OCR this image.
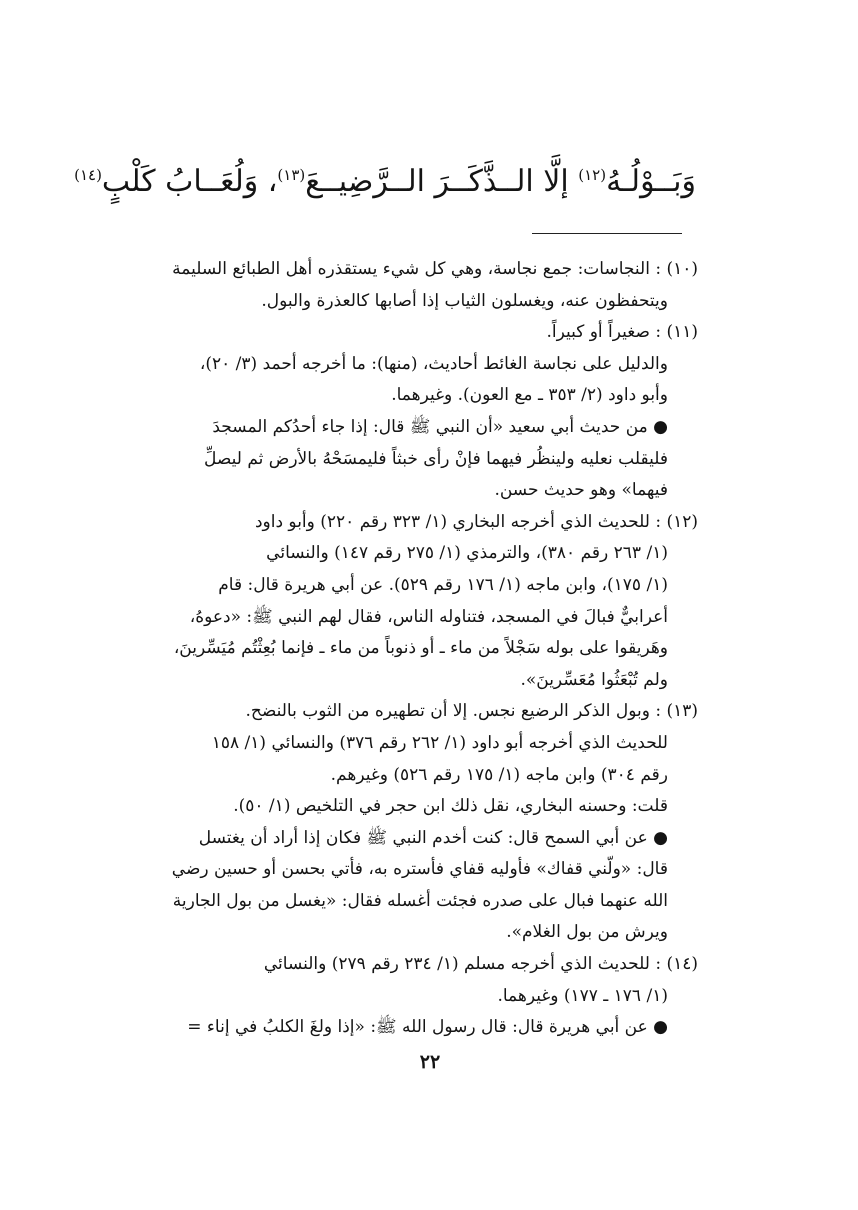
وَبَــوْلُـهُ$^{(١٢)}$ إلَّا الــذَّكَــرَ الــرَّضِيــعَ$^{(١٣)}$، وَلُعَــابُ كَلْبٍ$^{(١٤)}$

(١٠) : النجاسات: جمع نجاسة، وهي كل شيء يستقذره أهل الطبائع السليمة

ويتحفظون عنه، ويغسلون الثياب إذا أصابها كالعذرة والبول.

(١١) : صغيراً أو كبيراً.

والدليل على نجاسة الغائط أحاديث، (منها): ما أخرجه أحمد (٣/ ٢٠)،

وأبو داود (٢/ ٣٥٣ ـ مع العون). وغيرهما.

● من حديث أبي سعيد «أن النبي ﷺ قال: إذا جاء أحدُكم المسجدَ

فليقلب نعليه ولينظُر فيهما فإنْ رأى خبثاً فليمسَحْهُ بالأرض ثم ليصلِّ

فيهما» وهو حديث حسن.

(١٢) : للحديث الذي أخرجه البخاري (١/ ٣٢٣ رقم ٢٢٠) وأبو داود

(١/ ٢٦٣ رقم ٣٨٠)، والترمذي (١/ ٢٧٥ رقم ١٤٧) والنسائي

(١/ ١٧٥)، وابن ماجه (١/ ١٧٦ رقم ٥٢٩). عن أبي هريرة قال: قام

أعرابيٌّ فبالَ في المسجد، فتناوله الناس، فقال لهم النبي ﷺ: «دعوهُ،

وهَريقوا على بوله سَجْلاً من ماء ـ أو ذنوباً من ماء ـ فإنما بُعِثْتُم مُيَسِّرينَ،

ولم تُبْعَثُوا مُعَسِّرينَ».

(١٣) : وبول الذكر الرضيع نجس. إلا أن تطهيره من الثوب بالنضح.

للحديث الذي أخرجه أبو داود (١/ ٢٦٢ رقم ٣٧٦) والنسائي (١/ ١٥٨

رقم ٣٠٤) وابن ماجه (١/ ١٧٥ رقم ٥٢٦) وغيرهم.

قلت: وحسنه البخاري، نقل ذلك ابن حجر في التلخيص (١/ ٥٠).

● عن أبي السمح قال: كنت أخدم النبي ﷺ فكان إذا أراد أن يغتسل

قال: «ولّني قفاك» فأوليه قفاي فأستره به، فأتي بحسن أو حسين رضي

الله عنهما فبال على صدره فجئت أغسله فقال: «يغسل من بول الجارية

ويرش من بول الغلام».

(١٤) : للحديث الذي أخرجه مسلم (١/ ٢٣٤ رقم ٢٧٩) والنسائي

(١/ ١٧٦ ـ ١٧٧) وغيرهما.

● عن أبي هريرة قال: قال رسول الله ﷺ: «إذا ولغَ الكلبُ في إناء =

٢٢
